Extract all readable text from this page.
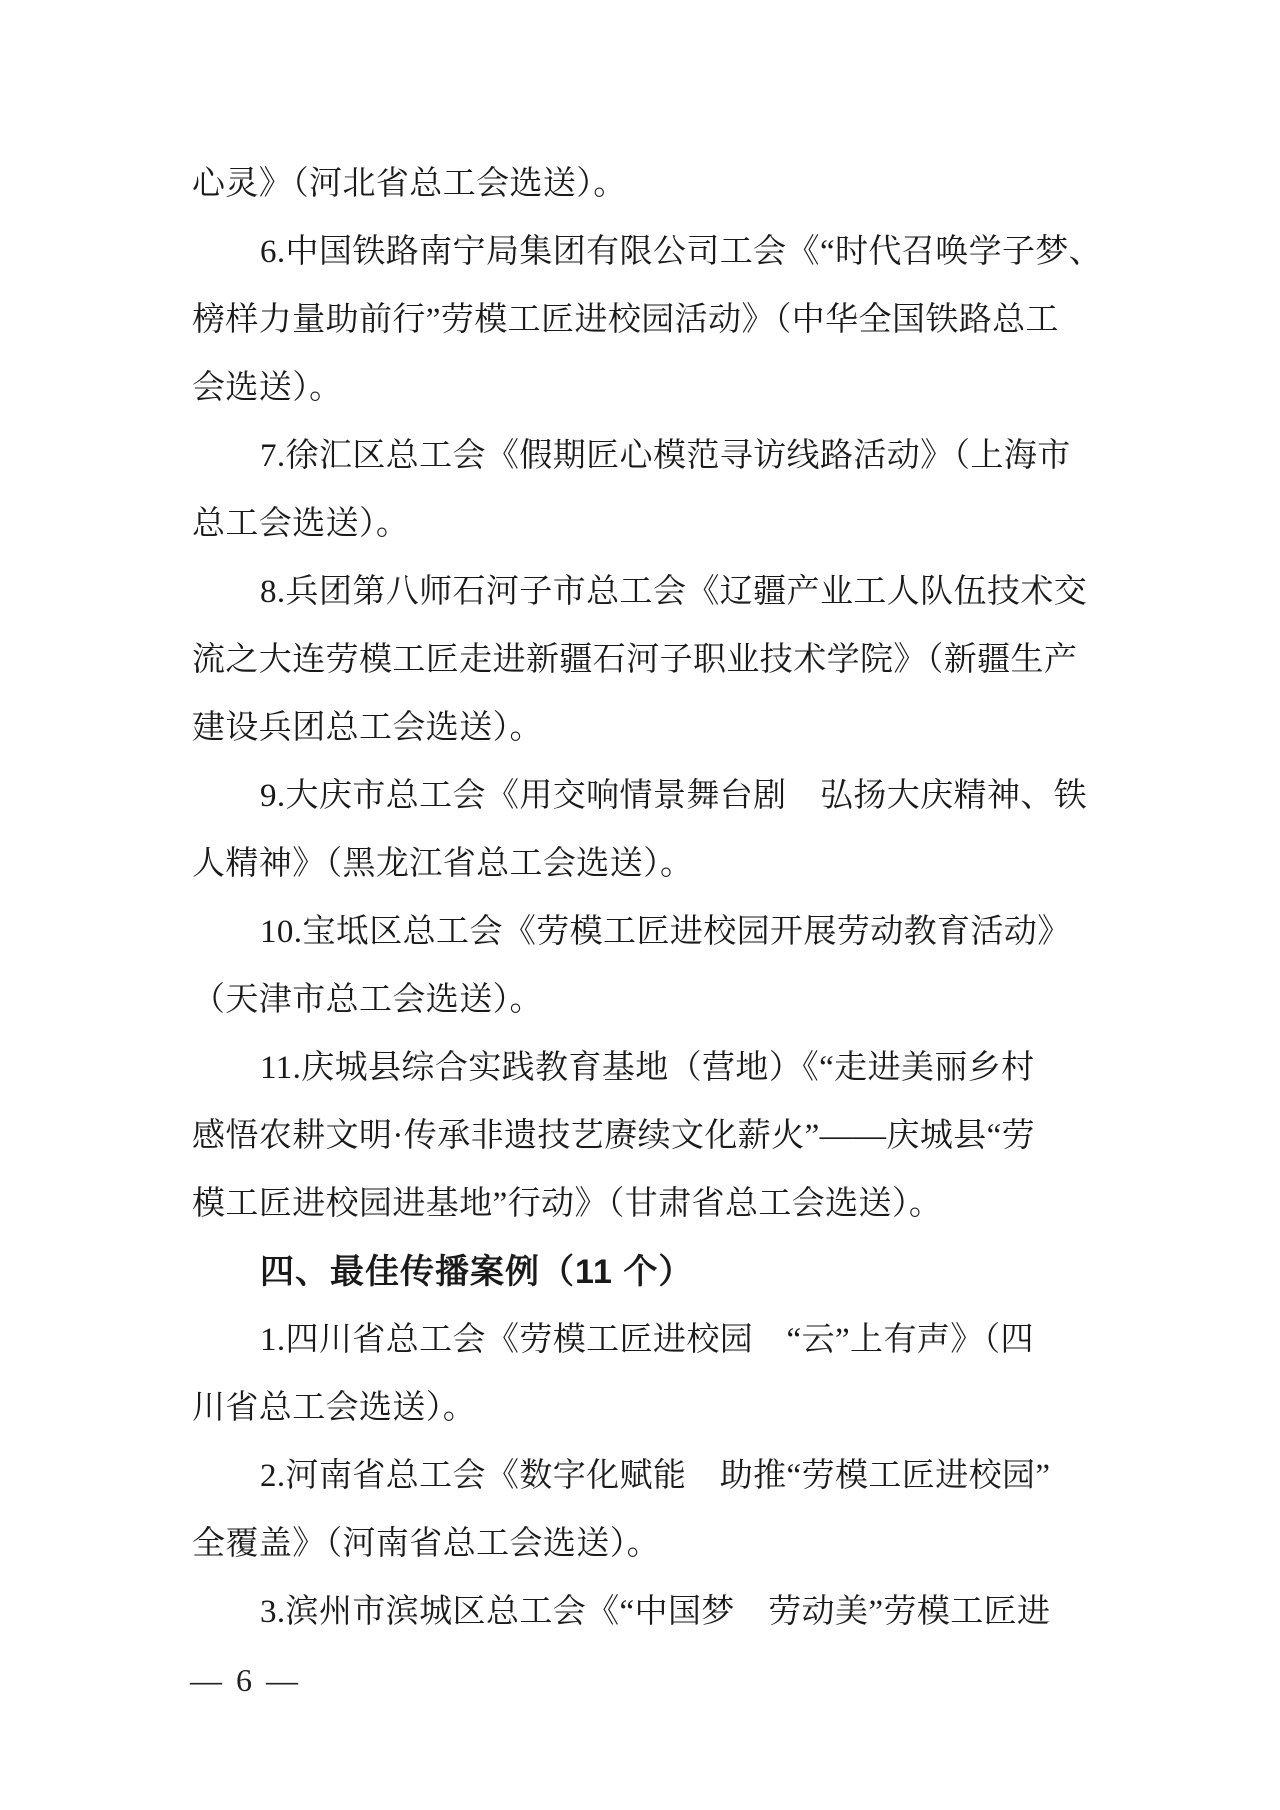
心灵》（河北省总工会选送）。
6.中国铁路南宁局集团有限公司工会《“时代召唤学子梦、
榜样力量助前行”劳模工匠进校园活动》（中华全国铁路总工
会选送）。
7.徐汇区总工会《假期匠心模范寻访线路活动》（上海市
总工会选送）。
8.兵团第八师石河子市总工会《辽疆产业工人队伍技术交
流之大连劳模工匠走进新疆石河子职业技术学院》（新疆生产
建设兵团总工会选送）。
9.大庆市总工会《用交响情景舞台剧　弘扬大庆精神、铁
人精神》（黑龙江省总工会选送）。
10.宝坻区总工会《劳模工匠进校园开展劳动教育活动》
（天津市总工会选送）。
11.庆城县综合实践教育基地（营地）《“走进美丽乡村
感悟农耕文明·传承非遗技艺赓续文化薪火”——庆城县“劳
模工匠进校园进基地”行动》（甘肃省总工会选送）。
四、最佳传播案例（11 个）
1.四川省总工会《劳模工匠进校园　“云”上有声》（四
川省总工会选送）。
2.河南省总工会《数字化赋能　助推“劳模工匠进校园”
全覆盖》（河南省总工会选送）。
3.滨州市滨城区总工会《“中国梦　劳动美”劳模工匠进
— 6 —
